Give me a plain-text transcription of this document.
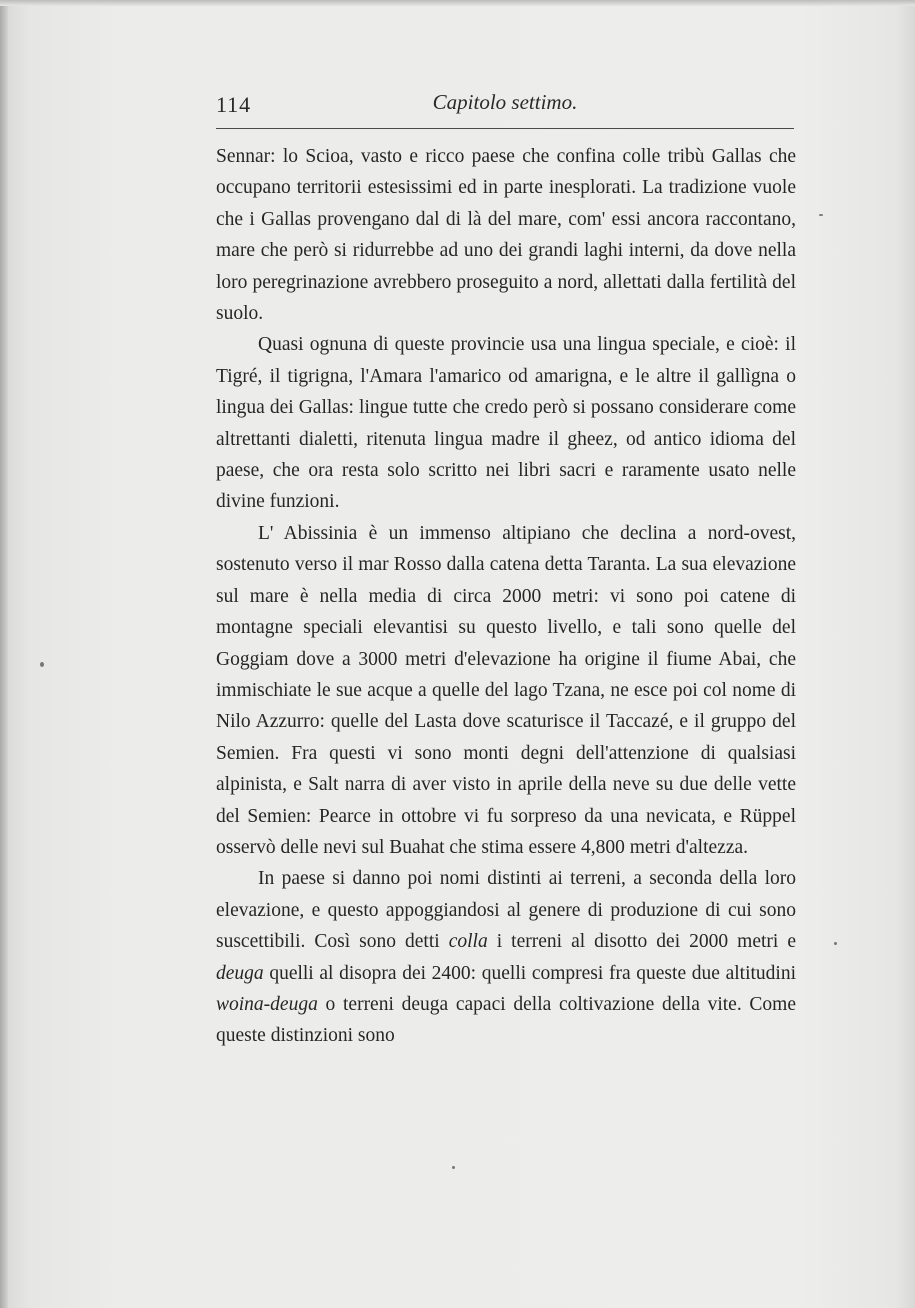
114	Capitolo settimo.

Sennar: lo Scioa, vasto e ricco paese che confina colle tribù Gallas che occupano territorii estesissimi ed in parte inesplorati. La tradizione vuole che i Gallas provengano dal di là del mare, com' essi ancora raccontano, mare che però si ridurrebbe ad uno dei grandi laghi interni, da dove nella loro peregrinazione avrebbero proseguito a nord, allettati dalla fertilità del suolo.

Quasi ognuna di queste provincie usa una lingua speciale, e cioè: il Tigré, il tigrigna, l'Amara l'amarico od amarigna, e le altre il gallìgna o lingua dei Gallas: lingue tutte che credo però si possano considerare come altrettanti dialetti, ritenuta lingua madre il gheez, od antico idioma del paese, che ora resta solo scritto nei libri sacri e raramente usato nelle divine funzioni.

L' Abissinia è un immenso altipiano che declina a nord-ovest, sostenuto verso il mar Rosso dalla catena detta Taranta. La sua elevazione sul mare è nella media di circa 2000 metri: vi sono poi catene di montagne speciali elevantisi su questo livello, e tali sono quelle del Goggiam dove a 3000 metri d'elevazione ha origine il fiume Abai, che immischiate le sue acque a quelle del lago Tzana, ne esce poi col nome di Nilo Azzurro: quelle del Lasta dove scaturisce il Taccazé, e il gruppo del Semien. Fra questi vi sono monti degni dell'attenzione di qualsiasi alpinista, e Salt narra di aver visto in aprile della neve su due delle vette del Semien: Pearce in ottobre vi fu sorpreso da una nevicata, e Rüppel osservò delle nevi sul Buahat che stima essere 4,800 metri d'altezza.

In paese si danno poi nomi distinti ai terreni, a seconda della loro elevazione, e questo appoggiandosi al genere di produzione di cui sono suscettibili. Così sono detti colla i terreni al disotto dei 2000 metri e deuga quelli al disopra dei 2400: quelli compresi fra queste due altitudini woina-deuga o terreni deuga capaci della coltivazione della vite. Come queste distinzioni sono
